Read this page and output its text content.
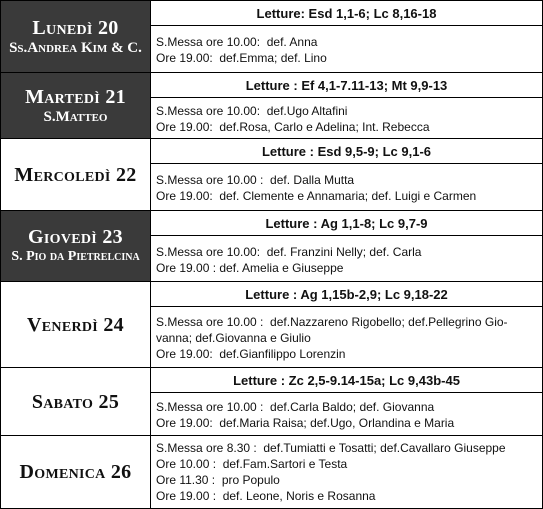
Lunedì 20
Ss.Andrea Kim & C.
Letture: Esd 1,1-6; Lc 8,16-18
S.Messa ore 10.00:  def. Anna
Ore 19.00:  def.Emma; def. Lino
Martedì 21
S.Matteo
Letture : Ef 4,1-7.11-13; Mt 9,9-13
S.Messa ore 10.00:  def.Ugo Altafini
Ore 19.00:  def.Rosa, Carlo e Adelina; Int. Rebecca
Mercoledì 22
Letture : Esd 9,5-9; Lc 9,1-6
S.Messa ore 10.00 :  def. Dalla Mutta
Ore 19.00:  def. Clemente e Annamaria; def. Luigi e Carmen
Giovedì 23
S. Pio da Pietrelcina
Letture : Ag 1,1-8; Lc 9,7-9
S.Messa ore 10.00:  def. Franzini Nelly; def. Carla
Ore 19.00 : def. Amelia e Giuseppe
Venerdì 24
Letture : Ag 1,15b-2,9; Lc 9,18-22
S.Messa ore 10.00 :  def.Nazzareno Rigobello; def.Pellegrino Gio-
vanna; def.Giovanna e Giulio
Ore 19.00:  def.Gianfilippo Lorenzin
Sabato 25
Letture : Zc 2,5-9.14-15a; Lc 9,43b-45
S.Messa ore 10.00 :  def.Carla Baldo; def. Giovanna
Ore 19.00:  def.Maria Raisa; def.Ugo, Orlandina e Maria
Domenica 26
S.Messa ore 8.30 :  def.Tumiatti e Tosatti; def.Cavallaro Giuseppe
Ore 10.00 :  def.Fam.Sartori e Testa
Ore 11.30 :  pro Populo
Ore 19.00 :  def. Leone, Noris e Rosanna
